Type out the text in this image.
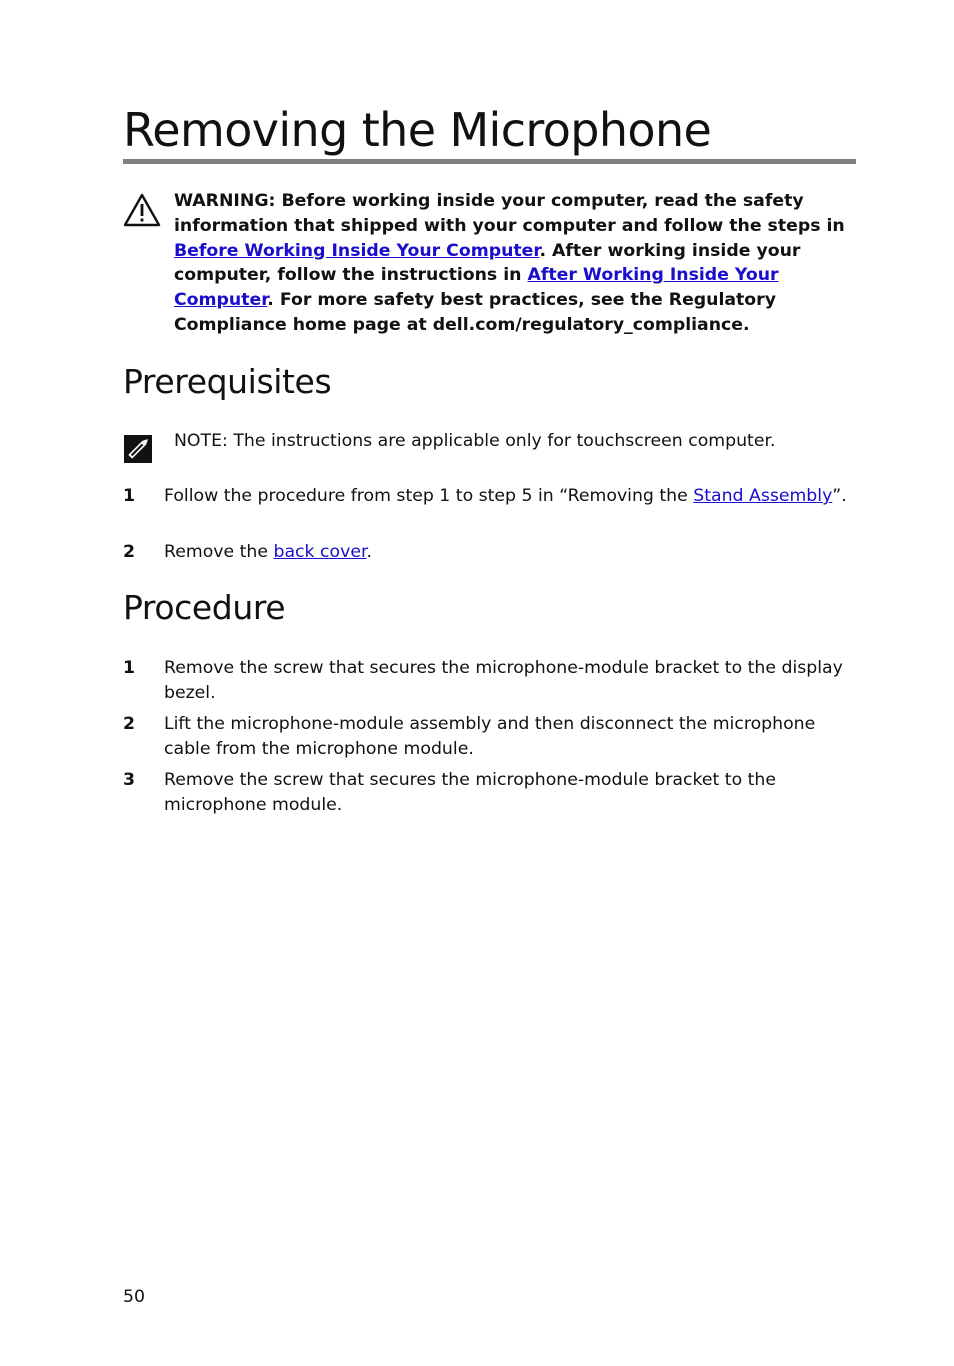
Removing the Microphone

WARNING: Before working inside your computer, read the safety information that shipped with your computer and follow the steps in Before Working Inside Your Computer. After working inside your computer, follow the instructions in After Working Inside Your Computer. For more safety best practices, see the Regulatory Compliance home page at dell.com/regulatory_compliance.

Prerequisites

NOTE: The instructions are applicable only for touchscreen computer.

1 Follow the procedure from step 1 to step 5 in “Removing the Stand Assembly”.
2 Remove the back cover.
Procedure
1 Remove the screw that secures the microphone-module bracket to the display bezel.
2 Lift the microphone-module assembly and then disconnect the microphone cable from the microphone module.
3 Remove the screw that secures the microphone-module bracket to the microphone module.

50
